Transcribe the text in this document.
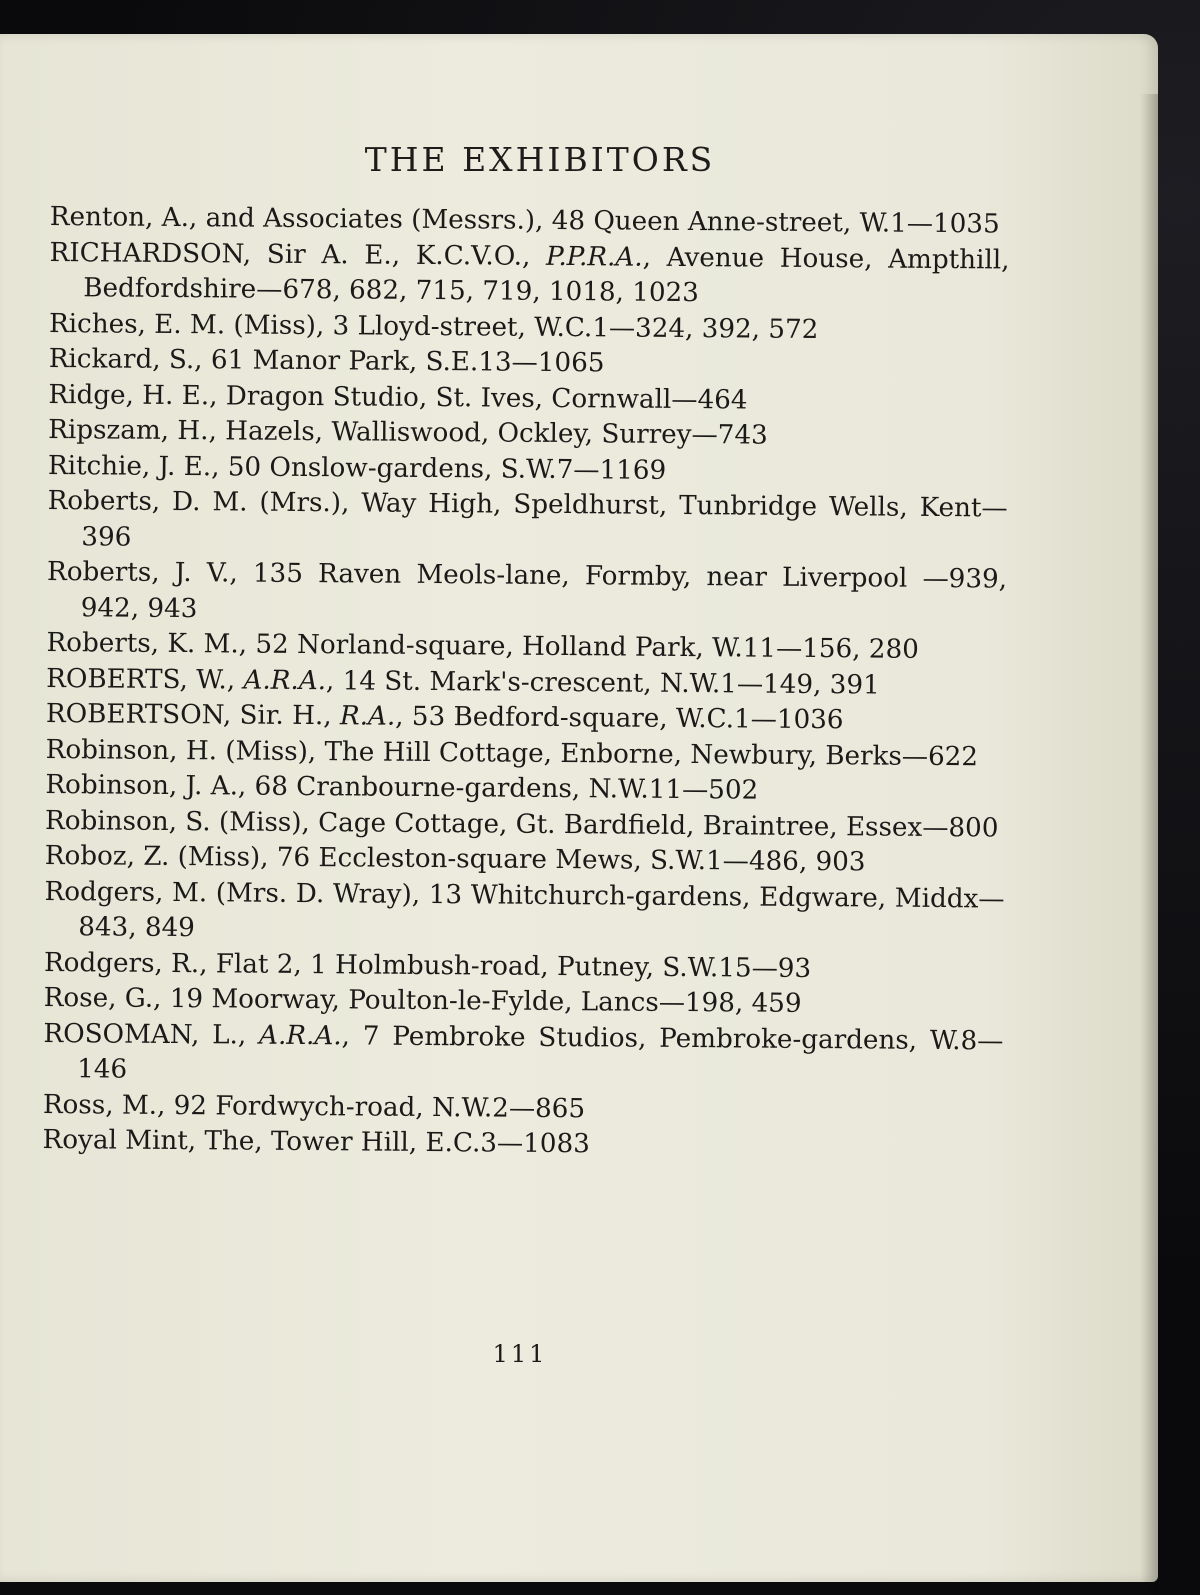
THE EXHIBITORS

Renton, A., and Associates (Messrs.), 48 Queen Anne-street, W.1—1035

RICHARDSON, Sir A. E., K.C.V.O., P.P.R.A., Avenue House, Ampthill, Bedfordshire—678, 682, 715, 719, 1018, 1023

Riches, E. M. (Miss), 3 Lloyd-street, W.C.1—324, 392, 572

Rickard, S., 61 Manor Park, S.E.13—1065

Ridge, H. E., Dragon Studio, St. Ives, Cornwall—464

Ripszam, H., Hazels, Walliswood, Ockley, Surrey—743

Ritchie, J. E., 50 Onslow-gardens, S.W.7—1169

Roberts, D. M. (Mrs.), Way High, Speldhurst, Tunbridge Wells, Kent—396

Roberts, J. V., 135 Raven Meols-lane, Formby, near Liverpool —939, 942, 943

Roberts, K. M., 52 Norland-square, Holland Park, W.11—156, 280

ROBERTS, W., A.R.A., 14 St. Mark's-crescent, N.W.1—149, 391

ROBERTSON, Sir. H., R.A., 53 Bedford-square, W.C.1—1036

Robinson, H. (Miss), The Hill Cottage, Enborne, Newbury, Berks—622

Robinson, J. A., 68 Cranbourne-gardens, N.W.11—502

Robinson, S. (Miss), Cage Cottage, Gt. Bardfield, Braintree, Essex—800

Roboz, Z. (Miss), 76 Eccleston-square Mews, S.W.1—486, 903

Rodgers, M. (Mrs. D. Wray), 13 Whitchurch-gardens, Edgware, Middx—843, 849

Rodgers, R., Flat 2, 1 Holmbush-road, Putney, S.W.15—93

Rose, G., 19 Moorway, Poulton-le-Fylde, Lancs—198, 459

ROSOMAN, L., A.R.A., 7 Pembroke Studios, Pembroke-gardens, W.8—146

Ross, M., 92 Fordwych-road, N.W.2—865

Royal Mint, The, Tower Hill, E.C.3—1083

111
